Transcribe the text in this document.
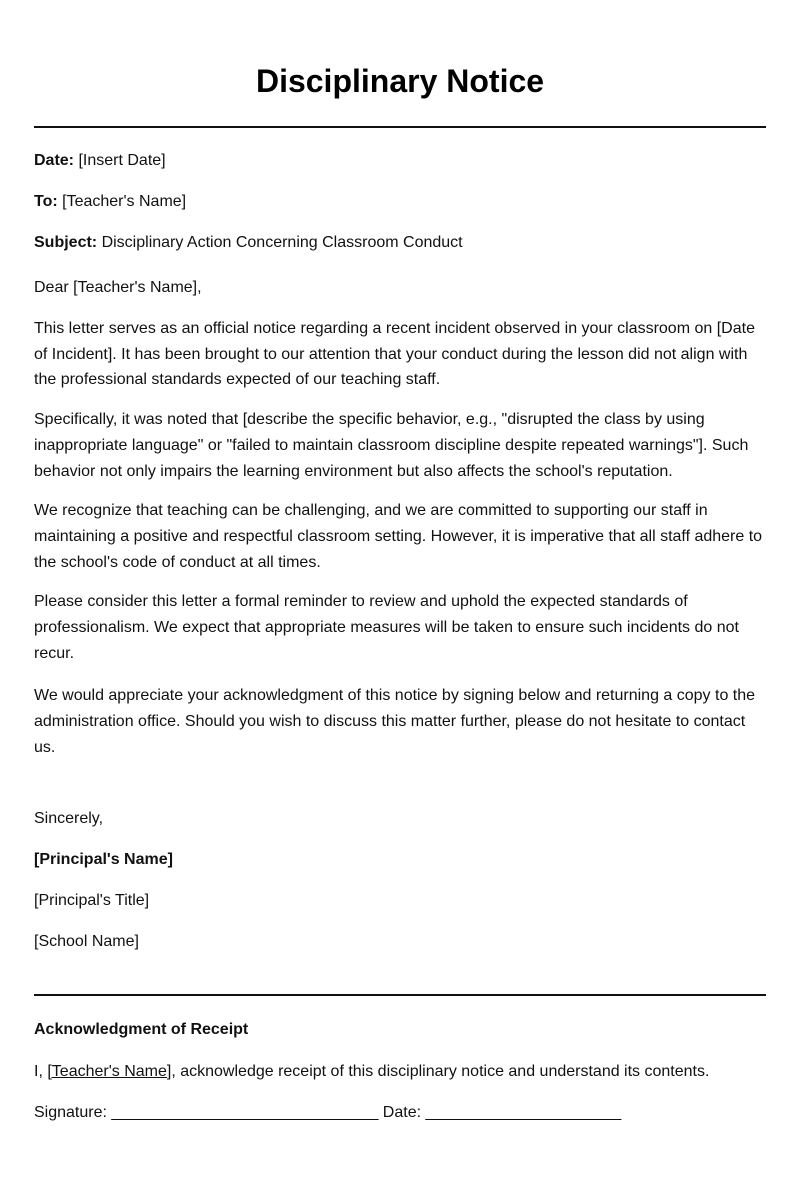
Disciplinary Notice

Date: [Insert Date]

To: [Teacher's Name]

Subject: Disciplinary Action Concerning Classroom Conduct

Dear [Teacher's Name],

This letter serves as an official notice regarding a recent incident observed in your classroom on [Date of Incident]. It has been brought to our attention that your conduct during the lesson did not align with the professional standards expected of our teaching staff.

Specifically, it was noted that [describe the specific behavior, e.g., "disrupted the class by using inappropriate language" or "failed to maintain classroom discipline despite repeated warnings"]. Such behavior not only impairs the learning environment but also affects the school's reputation.

We recognize that teaching can be challenging, and we are committed to supporting our staff in maintaining a positive and respectful classroom setting. However, it is imperative that all staff adhere to the school's code of conduct at all times.

Please consider this letter a formal reminder to review and uphold the expected standards of professionalism. We expect that appropriate measures will be taken to ensure such incidents do not recur.

We would appreciate your acknowledgment of this notice by signing below and returning a copy to the administration office. Should you wish to discuss this matter further, please do not hesitate to contact us.

Sincerely,

[Principal's Name]

[Principal's Title]

[School Name]

Acknowledgment of Receipt

I, [Teacher's Name], acknowledge receipt of this disciplinary notice and understand its contents.

Signature: ______________________________ Date: ______________________
